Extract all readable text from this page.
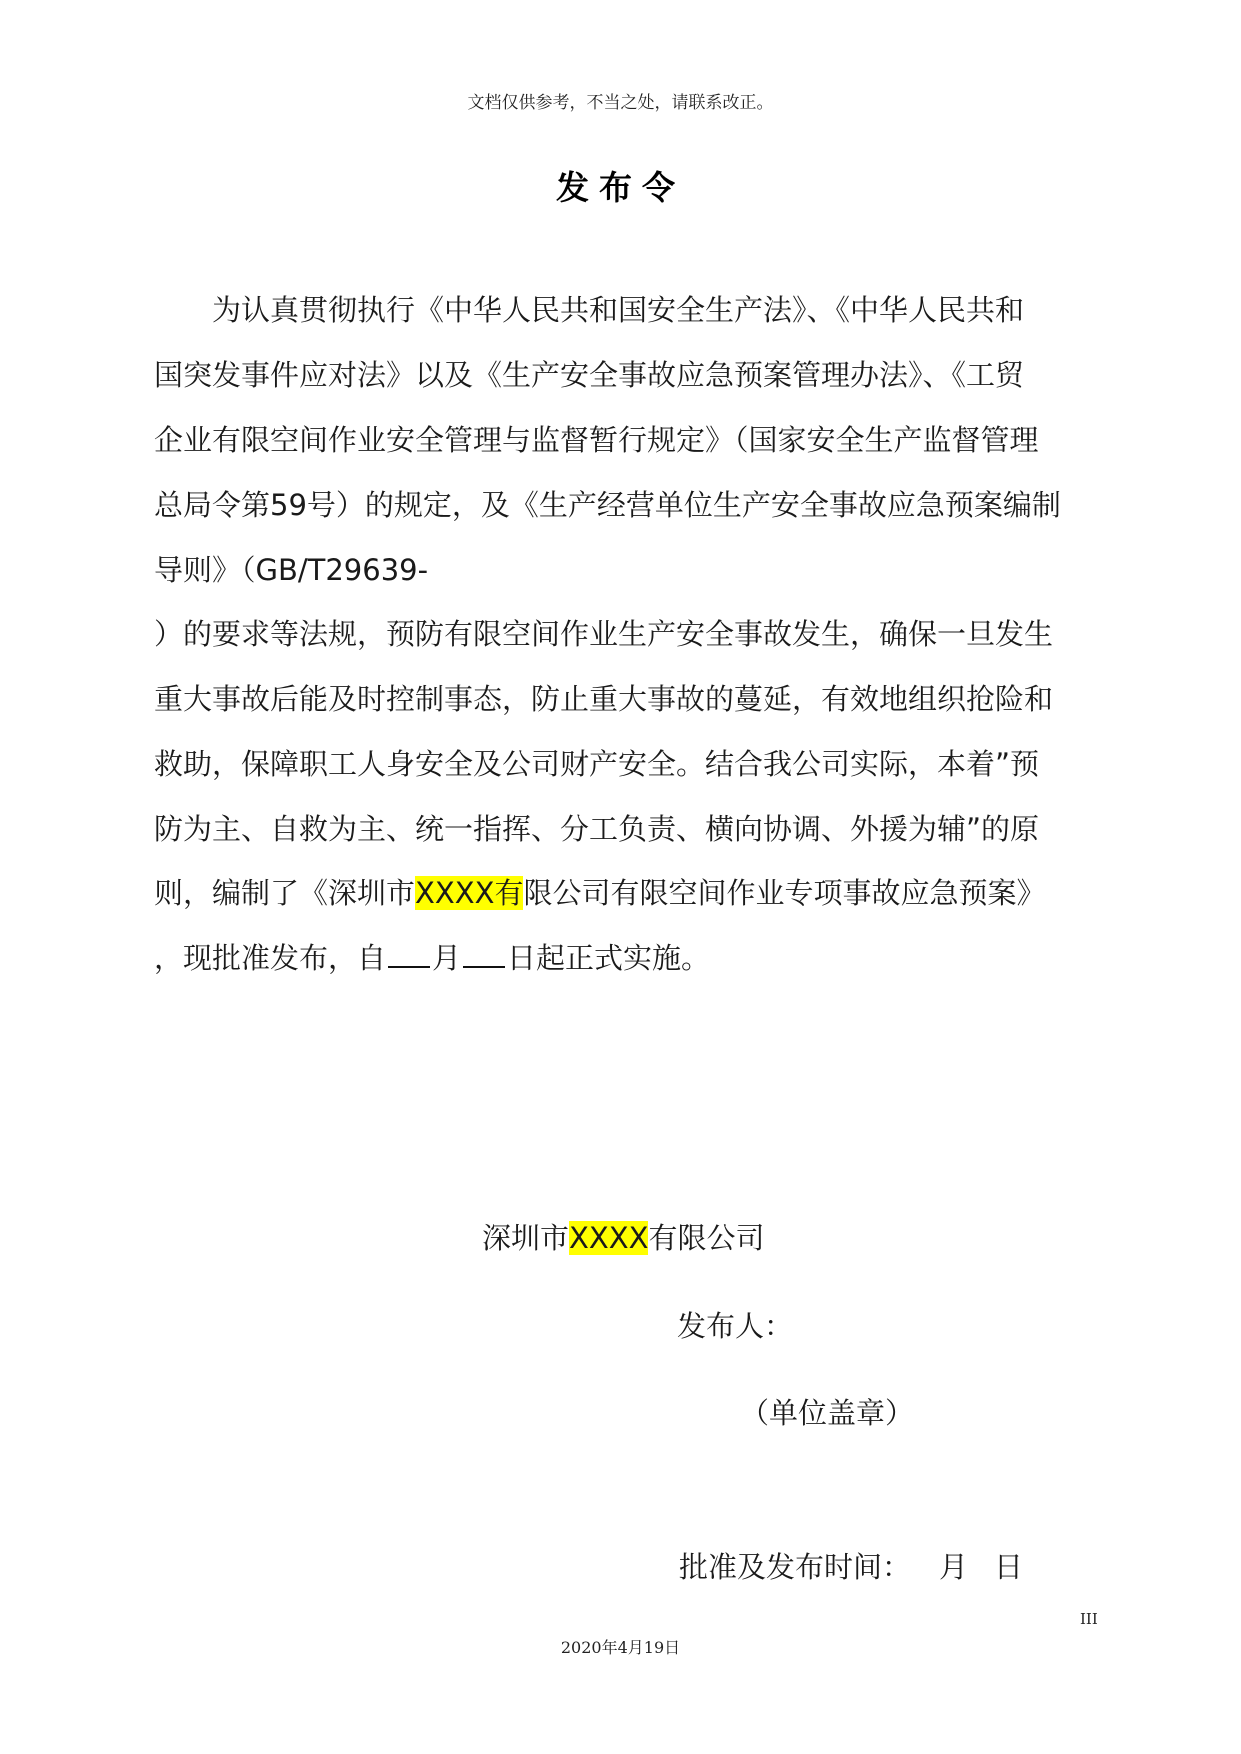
文档仅供参考，不当之处，请联系改正。
发布令
为认真贯彻执行《中华人民共和国安全生产法》、《中华人民共和
国突发事件应对法》以及《生产安全事故应急预案管理办法》、《工贸
企业有限空间作业安全管理与监督暂行规定》（国家安全生产监督管理
总局令第59号）的规定，及《生产经营单位生产安全事故应急预案编制
导则》（GB/T29639-
）的要求等法规，预防有限空间作业生产安全事故发生，确保一旦发生
重大事故后能及时控制事态，防止重大事故的蔓延，有效地组织抢险和
救助，保障职工人身安全及公司财产安全。结合我公司实际，本着”预
防为主、自救为主、统一指挥、分工负责、横向协调、外援为辅”的原
则，编制了《深圳市XXXX有限公司有限空间作业专项事故应急预案》
，现批准发布，自 月 日起正式实施。
深圳市XXXX有限公司
发布人：
（单位盖章）
批准及发布时间： 月 日
III
2020年4月19日
